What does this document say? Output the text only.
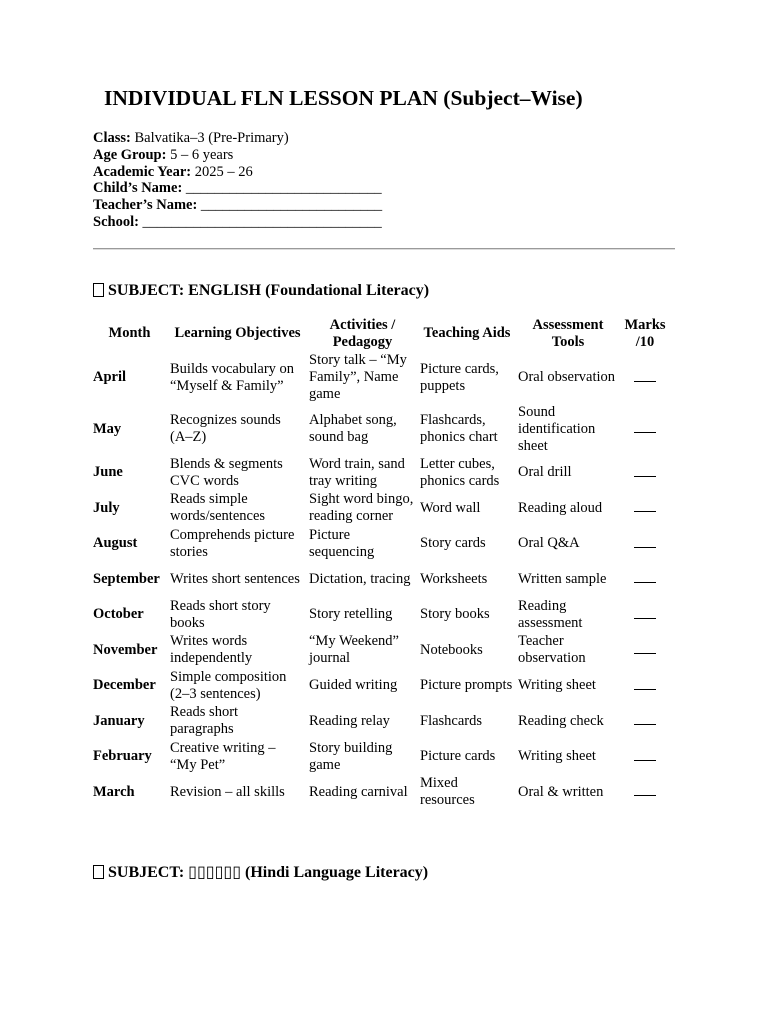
INDIVIDUAL FLN LESSON PLAN (Subject–Wise)
Class: Balvatika–3 (Pre-Primary)
Age Group: 5 – 6 years
Academic Year: 2025 – 26
Child’s Name: ___________________________
Teacher’s Name: _________________________
School: _________________________________
SUBJECT: ENGLISH (Foundational Literacy)
Month	Learning Objectives	Activities / Pedagogy	Teaching Aids	Assessment Tools	Marks /10
April	Builds vocabulary on “Myself & Family”	Story talk – “My Family”, Name game	Picture cards, puppets	Oral observation	
May	Recognizes sounds (A–Z)	Alphabet song, sound bag	Flashcards, phonics chart	Sound identification sheet	
June	Blends & segments CVC words	Word train, sand tray writing	Letter cubes, phonics cards	Oral drill	
July	Reads simple words/sentences	Sight word bingo, reading corner	Word wall	Reading aloud	
August	Comprehends picture stories	Picture sequencing	Story cards	Oral Q&A	
September	Writes short sentences	Dictation, tracing	Worksheets	Written sample	
October	Reads short story books	Story retelling	Story books	Reading assessment	
November	Writes words independently	“My Weekend” journal	Notebooks	Teacher observation	
December	Simple composition (2–3 sentences)	Guided writing	Picture prompts	Writing sheet	
January	Reads short paragraphs	Reading relay	Flashcards	Reading check	
February	Creative writing – “My Pet”	Story building game	Picture cards	Writing sheet	
March	Revision – all skills	Reading carnival	Mixed resources	Oral & written	
SUBJECT: ▯▯▯▯▯▯ (Hindi Language Literacy)
